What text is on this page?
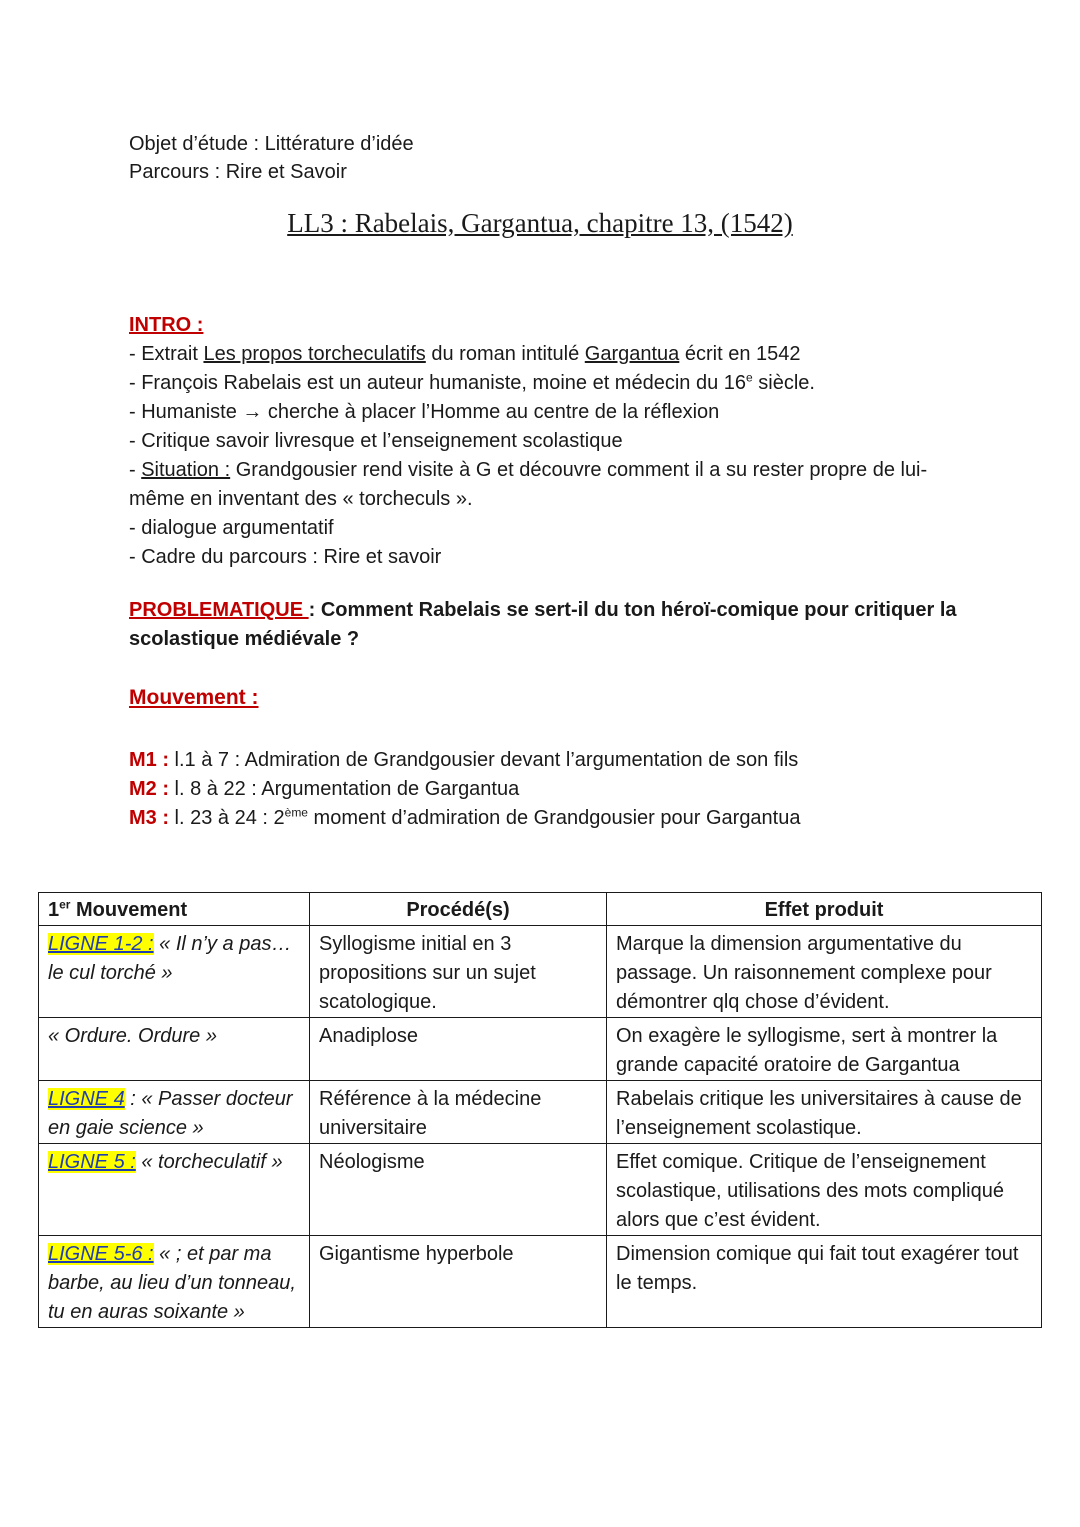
Objet d’étude : Littérature d’idée
Parcours : Rire et Savoir
LL3 : Rabelais, Gargantua, chapitre 13, (1542)
INTRO :
- Extrait Les propos torcheculatifs du roman intitulé Gargantua écrit en 1542
- François Rabelais est un auteur humaniste, moine et médecin du 16e siècle.
- Humaniste → cherche à placer l’Homme au centre de la réflexion
- Critique savoir livresque et l’enseignement scolastique
- Situation : Grandgousier rend visite à G et découvre comment il a su rester propre de lui-même en inventant des « torcheculs ».
- dialogue argumentatif
- Cadre du parcours : Rire et savoir
PROBLEMATIQUE : Comment Rabelais se sert-il du ton héroï-comique pour critiquer la scolastique médiévale ?
Mouvement :
M1 : l.1 à 7 : Admiration de Grandgousier devant l’argumentation de son fils
M2 : l. 8 à 22 : Argumentation de Gargantua
M3 : l. 23 à 24 : 2ème moment d’admiration de Grandgousier pour Gargantua
1er Mouvement	Procédé(s)	Effet produit
LIGNE 1-2 : « Il n’y a pas… le cul torché »	Syllogisme initial en 3 propositions sur un sujet scatologique.	Marque la dimension argumentative du passage. Un raisonnement complexe pour démontrer qlq chose d’évident.
« Ordure. Ordure »	Anadiplose	On exagère le syllogisme, sert à montrer la grande capacité oratoire de Gargantua
LIGNE 4 : « Passer docteur en gaie science »	Référence à la médecine universitaire	Rabelais critique les universitaires à cause de l’enseignement scolastique.
LIGNE 5 : « torcheculatif »	Néologisme	Effet comique. Critique de l’enseignement scolastique, utilisations des mots compliqué alors que c’est évident.
LIGNE 5-6 : « ; et par ma barbe, au lieu d’un tonneau, tu en auras soixante »	Gigantisme hyperbole	Dimension comique qui fait tout exagérer tout le temps.
